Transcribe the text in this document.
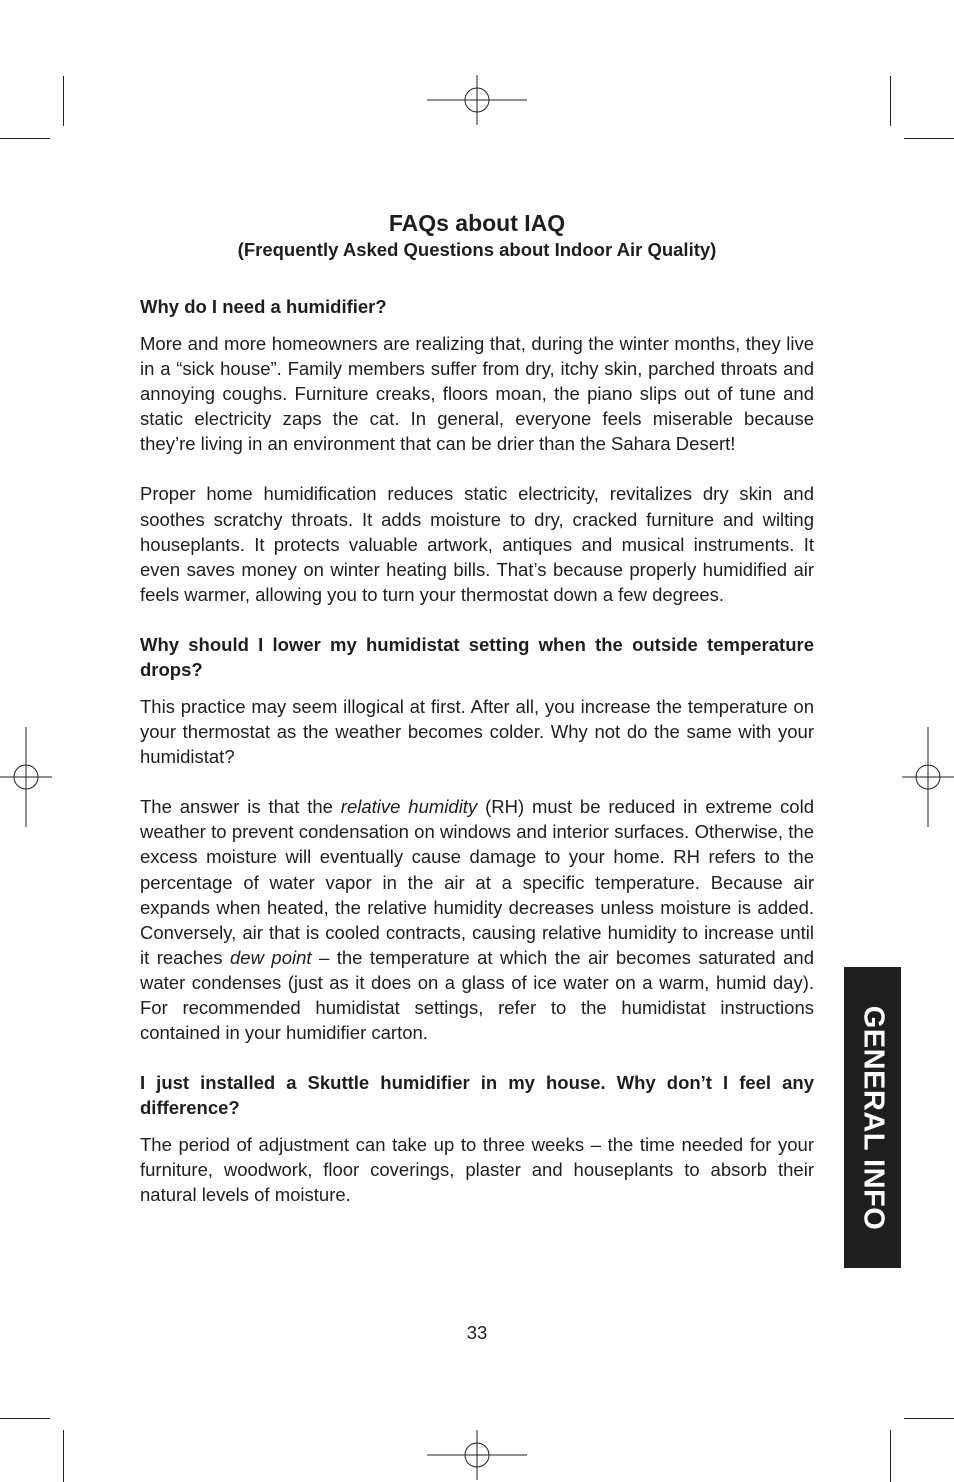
FAQs about IAQ
(Frequently Asked Questions about Indoor Air Quality)

Why do I need a humidifier?

More and more homeowners are realizing that, during the winter months, they live in a “sick house”. Family members suffer from dry, itchy skin, parched throats and annoying coughs. Furniture creaks, floors moan, the piano slips out of tune and static electricity zaps the cat. In general, everyone feels miserable because they’re living in an environment that can be drier than the Sahara Desert!

Proper home humidification reduces static electricity, revitalizes dry skin and soothes scratchy throats. It adds moisture to dry, cracked furniture and wilting houseplants. It protects valuable artwork, antiques and musical instruments. It even saves money on winter heating bills. That’s because properly humidified air feels warmer, allowing you to turn your thermostat down a few degrees.

Why should I lower my humidistat setting when the outside temperature drops?

This practice may seem illogical at first. After all, you increase the temperature on your thermostat as the weather becomes colder. Why not do the same with your humidistat?

The answer is that the relative humidity (RH) must be reduced in extreme cold weather to prevent condensation on windows and interior surfaces. Otherwise, the excess moisture will eventually cause damage to your home. RH refers to the percentage of water vapor in the air at a specific temperature. Because air expands when heated, the relative humidity decreases unless moisture is added. Conversely, air that is cooled contracts, causing relative humidity to increase until it reaches dew point – the temperature at which the air becomes saturated and water condenses (just as it does on a glass of ice water on a warm, humid day). For recommended humidistat settings, refer to the humidistat instructions contained in your humidifier carton.

I just installed a Skuttle humidifier in my house. Why don’t I feel any difference?

The period of adjustment can take up to three weeks – the time needed for your furniture, woodwork, floor coverings, plaster and houseplants to absorb their natural levels of moisture.

33
GENERAL INFO
